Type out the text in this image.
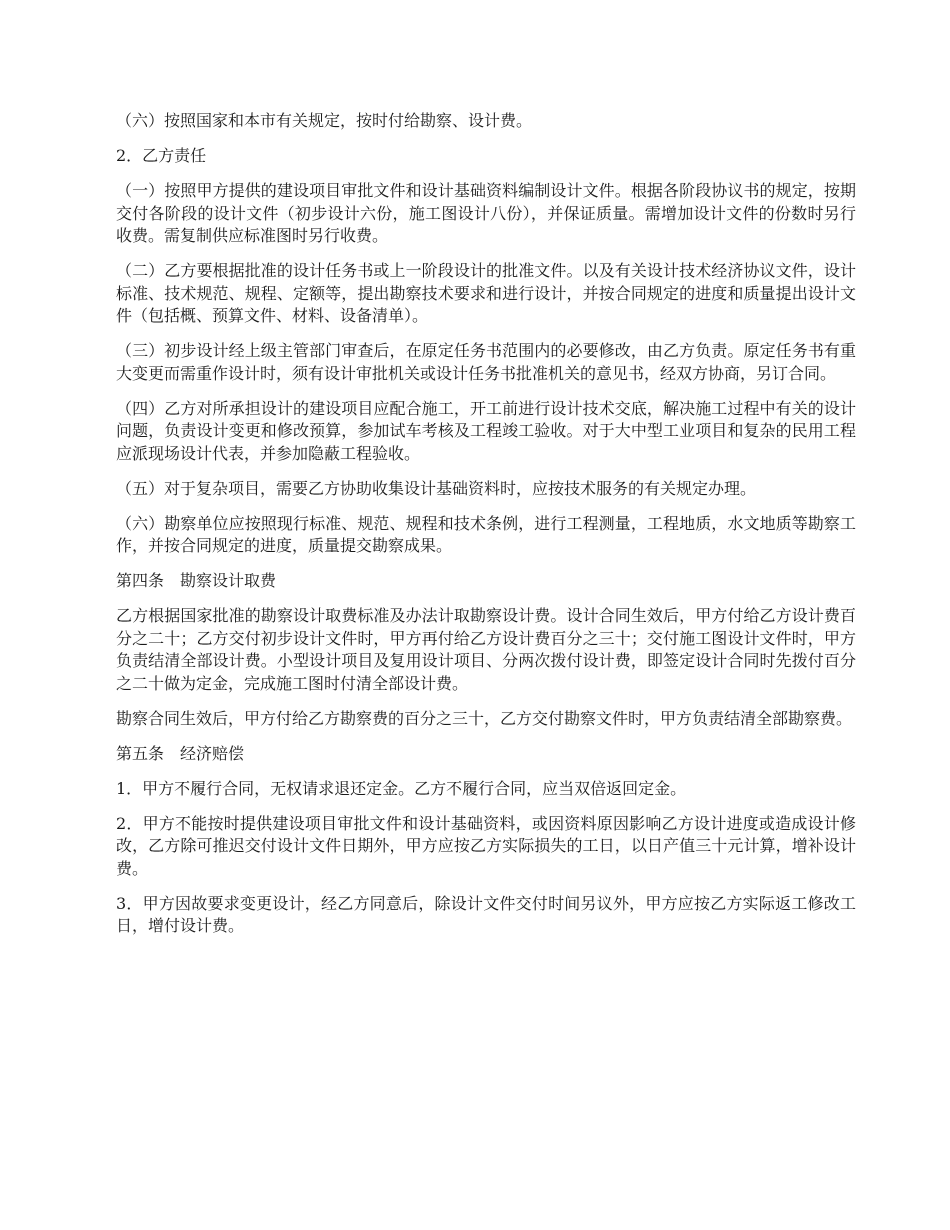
（六）按照国家和本市有关规定，按时付给勘察、设计费。

2．乙方责任

（一）按照甲方提供的建设项目审批文件和设计基础资料编制设计文件。根据各阶段协议书的规定，按期交付各阶段的设计文件（初步设计六份，施工图设计八份），并保证质量。需增加设计文件的份数时另行收费。需复制供应标准图时另行收费。

（二）乙方要根据批准的设计任务书或上一阶段设计的批准文件。以及有关设计技术经济协议文件，设计标准、技术规范、规程、定额等，提出勘察技术要求和进行设计，并按合同规定的进度和质量提出设计文件（包括概、预算文件、材料、设备清单）。

（三）初步设计经上级主管部门审查后，在原定任务书范围内的必要修改，由乙方负责。原定任务书有重大变更而需重作设计时，须有设计审批机关或设计任务书批准机关的意见书，经双方协商，另订合同。

（四）乙方对所承担设计的建设项目应配合施工，开工前进行设计技术交底，解决施工过程中有关的设计问题，负责设计变更和修改预算，参加试车考核及工程竣工验收。对于大中型工业项目和复杂的民用工程应派现场设计代表，并参加隐蔽工程验收。

（五）对于复杂项目，需要乙方协助收集设计基础资料时，应按技术服务的有关规定办理。

（六）勘察单位应按照现行标准、规范、规程和技术条例，进行工程测量，工程地质，水文地质等勘察工作，并按合同规定的进度，质量提交勘察成果。

第四条　勘察设计取费

乙方根据国家批准的勘察设计取费标准及办法计取勘察设计费。设计合同生效后，甲方付给乙方设计费百分之二十；乙方交付初步设计文件时，甲方再付给乙方设计费百分之三十；交付施工图设计文件时，甲方负责结清全部设计费。小型设计项目及复用设计项目、分两次拨付设计费，即签定设计合同时先拨付百分之二十做为定金，完成施工图时付清全部设计费。

勘察合同生效后，甲方付给乙方勘察费的百分之三十，乙方交付勘察文件时，甲方负责结清全部勘察费。

第五条　经济赔偿

1．甲方不履行合同，无权请求退还定金。乙方不履行合同，应当双倍返回定金。

2．甲方不能按时提供建设项目审批文件和设计基础资料，或因资料原因影响乙方设计进度或造成设计修改，乙方除可推迟交付设计文件日期外，甲方应按乙方实际损失的工日，以日产值三十元计算，增补设计费。

3．甲方因故要求变更设计，经乙方同意后，除设计文件交付时间另议外，甲方应按乙方实际返工修改工日，增付设计费。
